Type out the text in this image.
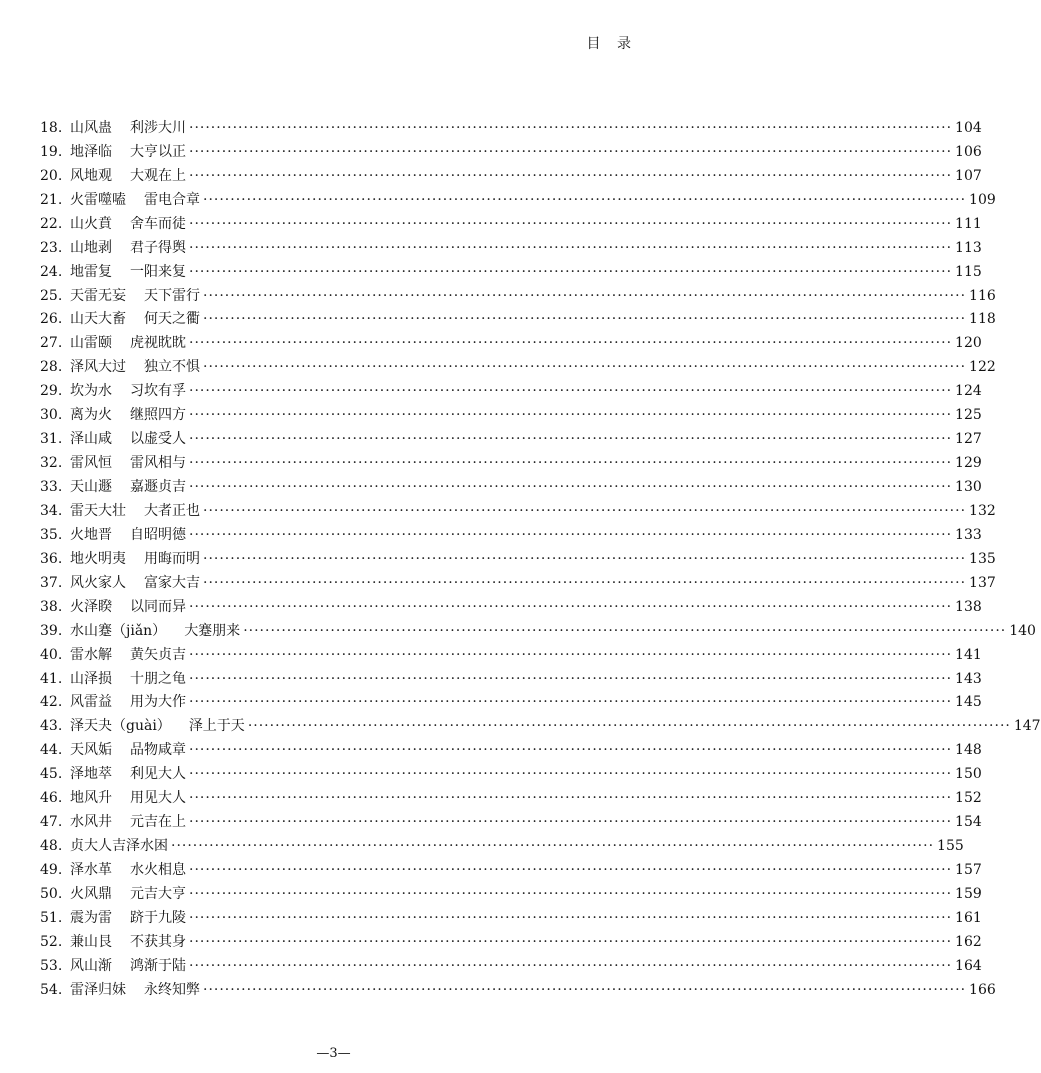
目 录
18. 山风蛊 利涉大川 ············································································································································ 104
19. 地泽临 大亨以正 ············································································································································ 106
20. 风地观 大观在上 ············································································································································ 107
21. 火雷噬嗑 雷电合章 ············································································································································ 109
22. 山火賁 舍车而徒 ············································································································································ 111
23. 山地剥 君子得舆 ············································································································································ 113
24. 地雷复 一阳来复 ············································································································································ 115
25. 天雷无妄 天下雷行 ············································································································································ 116
26. 山天大畜 何天之衢 ············································································································································ 118
27. 山雷颐 虎视眈眈 ············································································································································ 120
28. 泽风大过 独立不惧 ············································································································································ 122
29. 坎为水 习坎有孚 ············································································································································ 124
30. 离为火 继照四方 ············································································································································ 125
31. 泽山咸 以虚受人 ············································································································································ 127
32. 雷风恒 雷风相与 ············································································································································ 129
33. 天山遯 嘉遯贞吉 ············································································································································ 130
34. 雷天大壮 大者正也 ············································································································································ 132
35. 火地晋 自昭明德 ············································································································································ 133
36. 地火明夷 用晦而明 ············································································································································ 135
37. 风火家人 富家大吉 ············································································································································ 137
38. 火泽睽 以同而异 ············································································································································ 138
39. 水山蹇（jiǎn） 大蹇朋来 ············································································································································ 140
40. 雷水解 黄矢贞吉 ············································································································································ 141
41. 山泽损 十朋之龟 ············································································································································ 143
42. 风雷益 用为大作 ············································································································································ 145
43. 泽天夬（guài） 泽上于天 ············································································································································ 147
44. 天风姤 品物咸章 ············································································································································ 148
45. 泽地萃 利见大人 ············································································································································ 150
46. 地风升 用见大人 ············································································································································ 152
47. 水风井 元吉在上 ············································································································································ 154
48. 贞大人吉泽水困 ············································································································································ 155
49. 泽水革 水火相息 ············································································································································ 157
50. 火风鼎 元吉大亨 ············································································································································ 159
51. 震为雷 跻于九陵 ············································································································································ 161
52. 兼山艮 不获其身 ············································································································································ 162
53. 风山渐 鸿渐于陆 ············································································································································ 164
54. 雷泽归妹 永终知弊 ············································································································································ 166
—3—
